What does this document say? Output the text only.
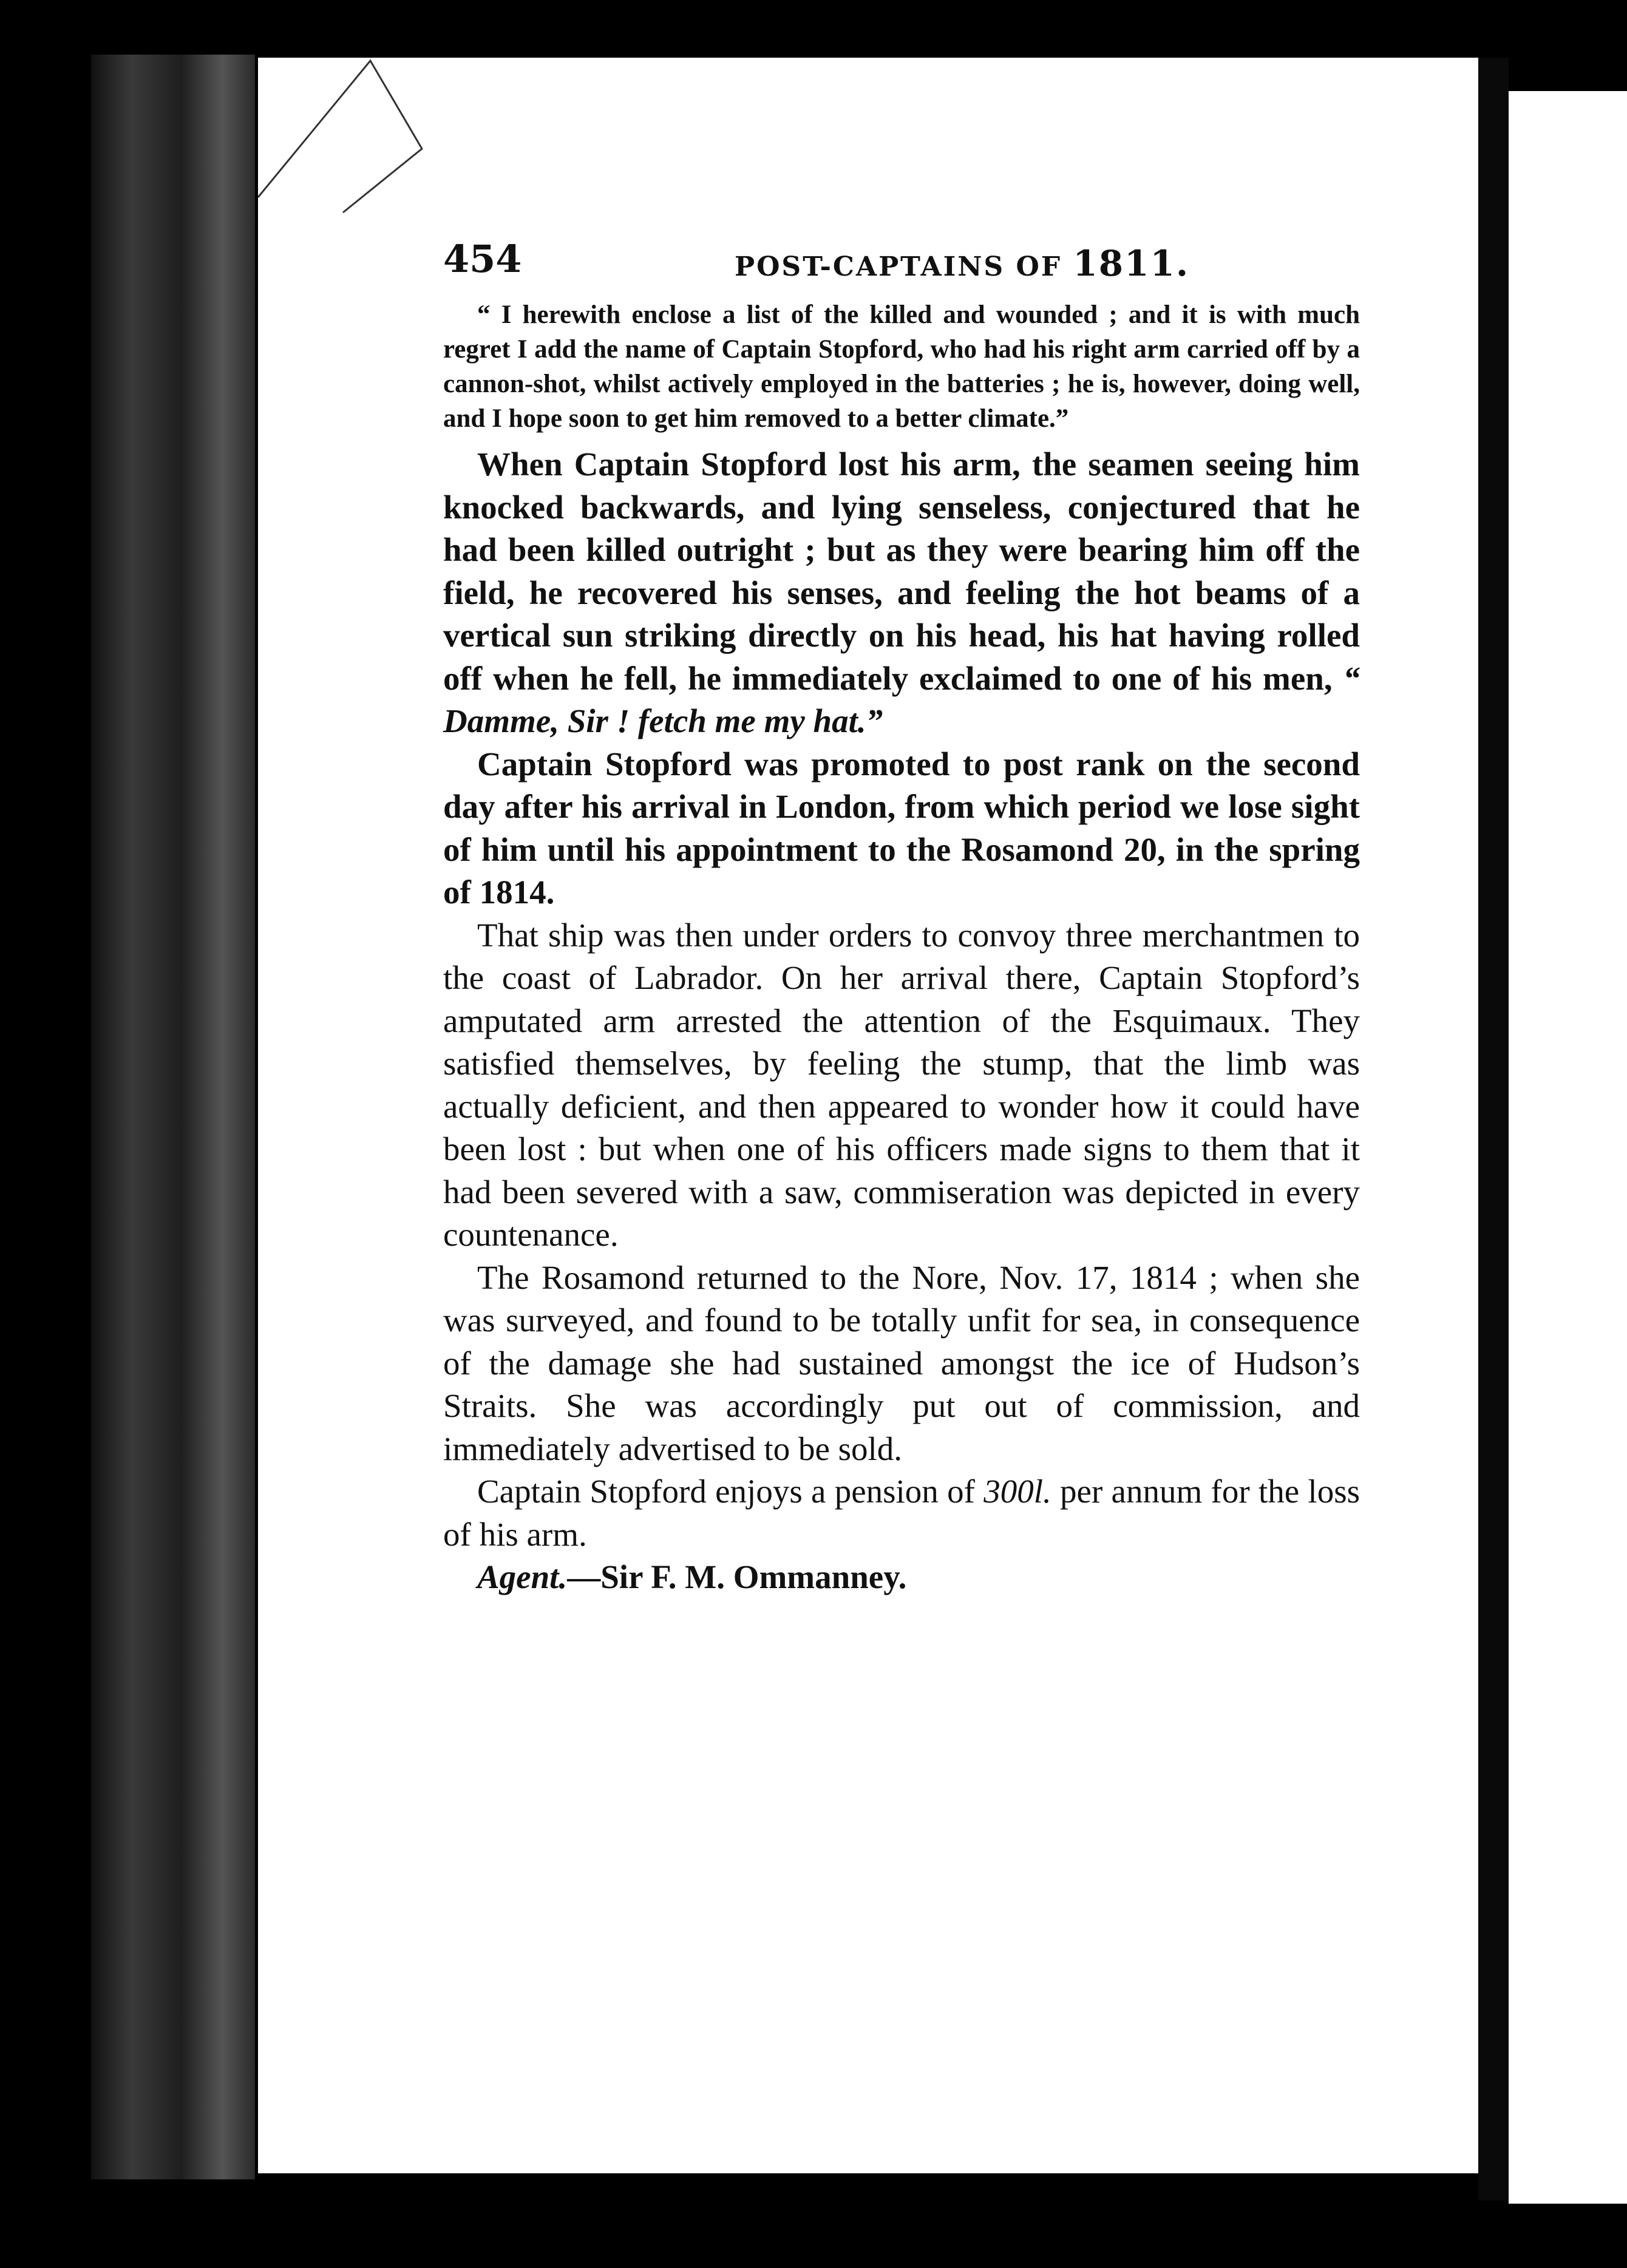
454	POST-CAPTAINS OF 1811.

“ I herewith enclose a list of the killed and wounded ; and it is with much regret I add the name of Captain Stopford, who had his right arm carried off by a cannon-shot, whilst actively employed in the batteries ; he is, however, doing well, and I hope soon to get him removed to a better climate.”

When Captain Stopford lost his arm, the seamen seeing him knocked backwards, and lying senseless, conjectured that he had been killed outright ; but as they were bearing him off the field, he recovered his senses, and feeling the hot beams of a vertical sun striking directly on his head, his hat having rolled off when he fell, he immediately exclaimed to one of his men, “ Damme, Sir ! fetch me my hat.”

Captain Stopford was promoted to post rank on the second day after his arrival in London, from which period we lose sight of him until his appointment to the Rosamond 20, in the spring of 1814.

That ship was then under orders to convoy three merchantmen to the coast of Labrador. On her arrival there, Captain Stopford’s amputated arm arrested the attention of the Esquimaux. They satisfied themselves, by feeling the stump, that the limb was actually deficient, and then appeared to wonder how it could have been lost : but when one of his officers made signs to them that it had been severed with a saw, commiseration was depicted in every countenance.

The Rosamond returned to the Nore, Nov. 17, 1814 ; when she was surveyed, and found to be totally unfit for sea, in consequence of the damage she had sustained amongst the ice of Hudson’s Straits. She was accordingly put out of commission, and immediately advertised to be sold.

Captain Stopford enjoys a pension of 300l. per annum for the loss of his arm.

Agent.—Sir F. M. Ommanney.
